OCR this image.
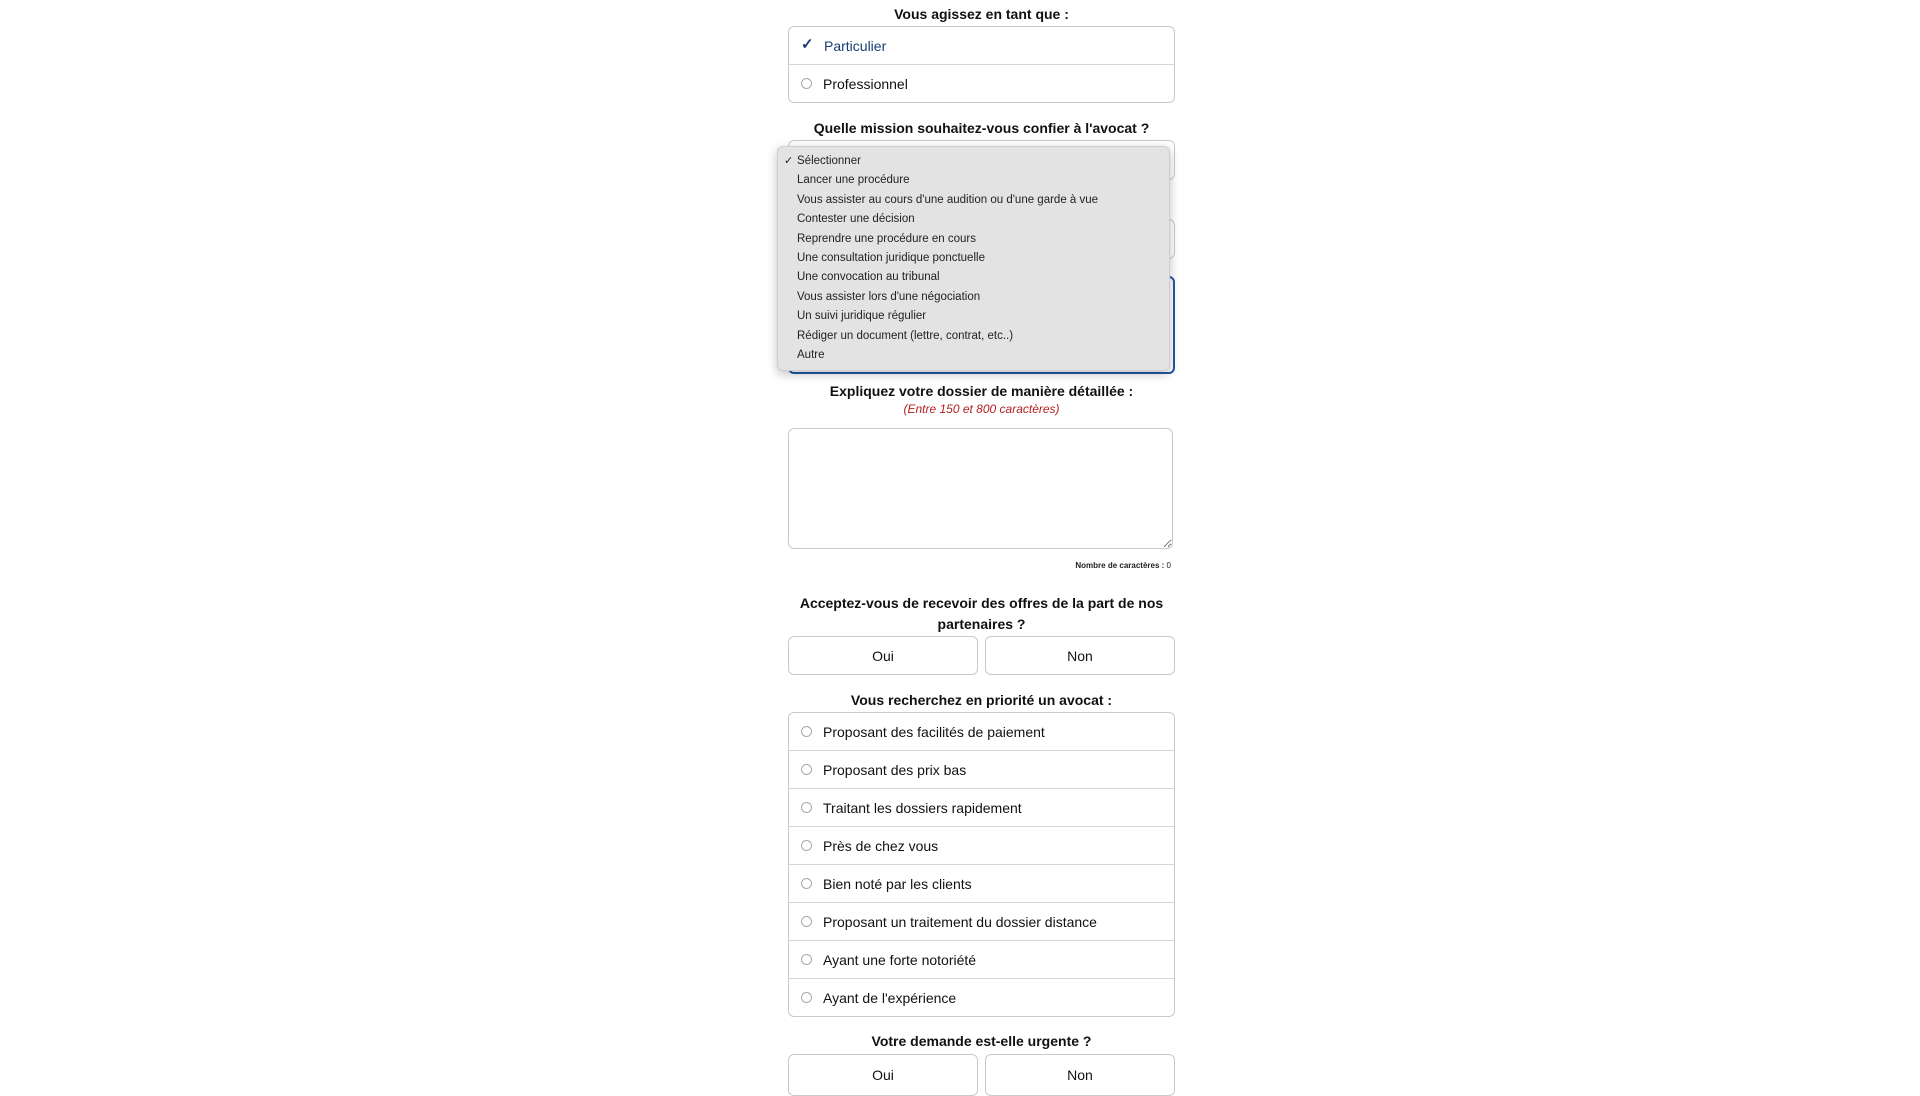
Vous agissez en tant que :
✓ Particulier
Professionnel
Quelle mission souhaitez-vous confier à l'avocat ?
Expliquez votre dossier de manière détaillée :
(Entre 150 et 800 caractères)
Nombre de caractères : 0
Acceptez-vous de recevoir des offres de la part de nos
partenaires ?
Oui	Non
Vous recherchez en priorité un avocat :
Proposant des facilités de paiement
Proposant des prix bas
Traitant les dossiers rapidement
Près de chez vous
Bien noté par les clients
Proposant un traitement du dossier distance
Ayant une forte notoriété
Ayant de l'expérience
Votre demande est-elle urgente ?
Oui	Non
✓ Sélectionner
Lancer une procédure
Vous assister au cours d'une audition ou d'une garde à vue
Contester une décision
Reprendre une procédure en cours
Une consultation juridique ponctuelle
Une convocation au tribunal
Vous assister lors d'une négociation
Un suivi juridique régulier
Rédiger un document (lettre, contrat, etc..)
Autre
